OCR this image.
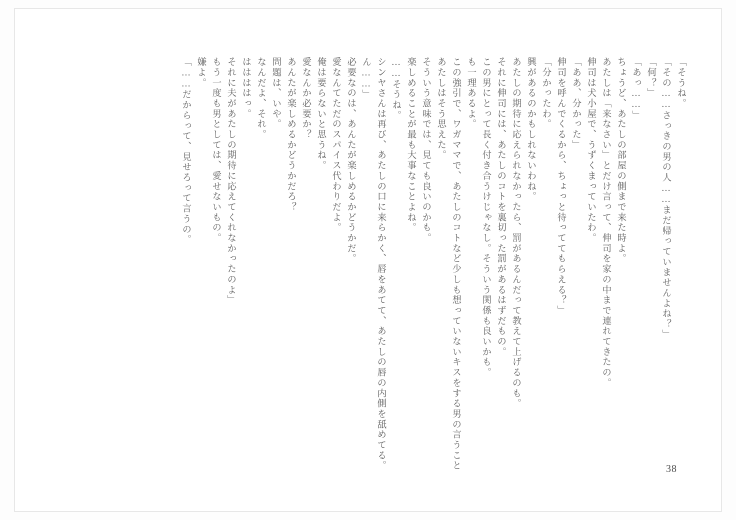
「……だからって、見せろって言うの。 嫌よ。 もう一度も男としては、愛せないもの。 それに夫があたしの期待に応えてくれなかったのよ」 ははははっ。 なんだよ、それ。 問題は、いや。 あんたが楽しめるかどうかだろ？ 愛なんか必要か？ 俺は要らないと思うね。 愛なんてただのスパイス代わりだよ。 必要なのは、あんたが楽しめるかどうかだ。 ん……」 シンヤさんは再び、あたしの口に来らかく、唇をあてて、あたしの唇の内側を舐めてる。 ……そうね。 楽しめることが最も大事なことよね。 そういう意味では、見ても良いのかも。 あたしはそう思えた。 この強引で、ワガママで、あたしのコトなど少しも想っていないキスをする男の言うこと も一理あるよ。 この男にとって長く付き合うけじゃなし。そういう関係も良いかも。 それに伸司には、あたしのコトを裏切った罰があるはずだもの。 あたしの期待に応えられなかったら、罰があるんだって教えて上げるのも。 興があるのかもしれないわね。 「分かったわ。 伸司を呼んでくるから、ちょっと待っててもらえる？」 「ああ、分かった」 伸司は犬小屋で、うずくまっていたわ。 あたしは「来なさい」とだけ言って、伸司を家の中まで連れてきたの。 ちょうど、あたしの部屋の側まで来た時よ。 「あっ……」 「何？」 「その……さっきの男の人……まだ帰っていませんよね？」 「そうね。
38
